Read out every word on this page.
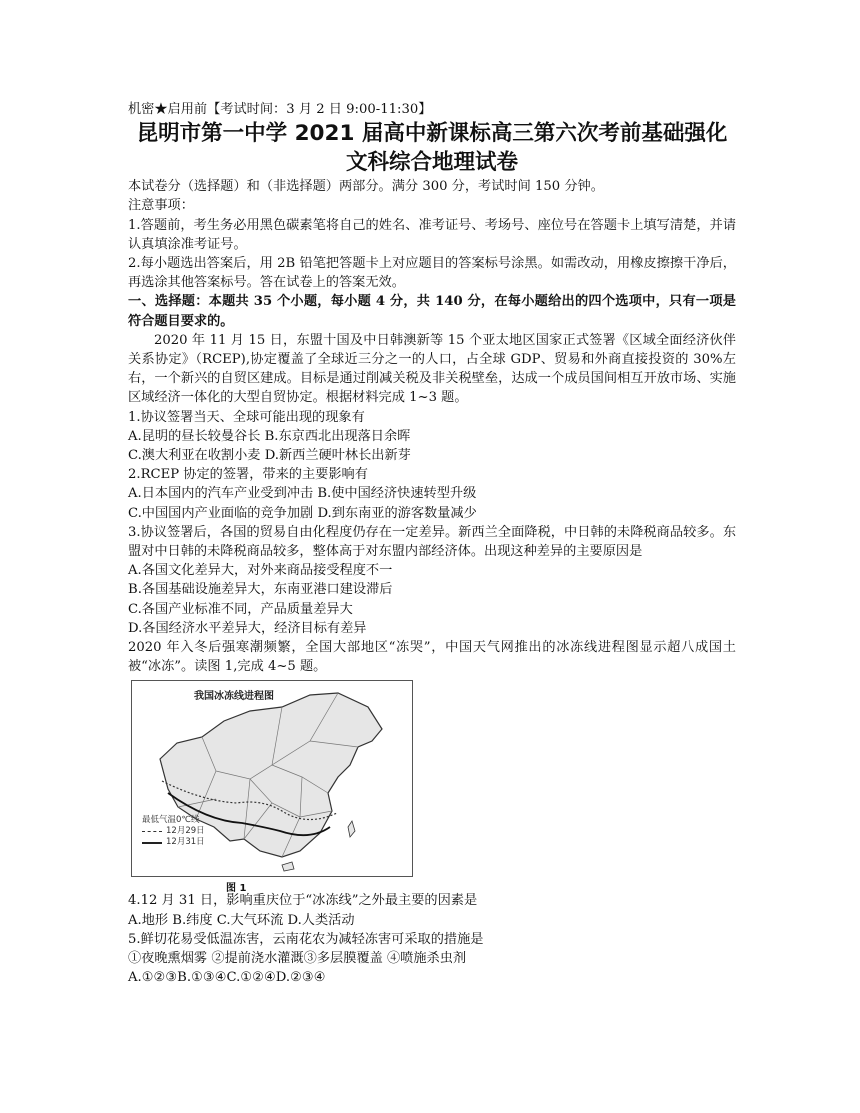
机密★启用前【考试时间：3 月 2 日 9:00-11:30】
昆明市第一中学 2021 届高中新课标高三第六次考前基础强化
文科综合地理试卷
本试卷分（选择题）和（非选择题）两部分。满分 300 分，考试时间 150 分钟。
注意事项：
1.答题前，考生务必用黑色碳素笔将自己的姓名、准考证号、考场号、座位号在答题卡上填写清楚，并请认真填涂准考证号。
2.每小题选出答案后，用 2B 铅笔把答题卡上对应题目的答案标号涂黑。如需改动，用橡皮擦擦干净后，再选涂其他答案标号。答在试卷上的答案无效。
一、选择题：本题共 35 个小题，每小题 4 分，共 140 分，在每小题给出的四个选项中，只有一项是符合题目要求的。
2020 年 11 月 15 日，东盟十国及中日韩澳新等 15 个亚太地区国家正式签署《区域全面经济伙伴关系协定》（RCEP),协定覆盖了全球近三分之一的人口，占全球 GDP、贸易和外商直接投资的 30%左右，一个新兴的自贸区建成。目标是通过削减关税及非关税壁垒，达成一个成员国间相互开放市场、实施区域经济一体化的大型自贸协定。根据材料完成 1~3 题。
1.协议签署当天、全球可能出现的现象有
A.昆明的昼长较曼谷长 B.东京西北出现落日余晖
C.澳大利亚在收割小麦 D.新西兰硬叶林长出新芽
2.RCEP 协定的签署，带来的主要影响有
A.日本国内的汽车产业受到冲击 B.使中国经济快速转型升级
C.中国国内产业面临的竞争加剧 D.到东南亚的游客数量减少
3.协议签署后，各国的贸易自由化程度仍存在一定差异。新西兰全面降税，中日韩的未降税商品较多。东盟对中日韩的未降税商品较多，整体高于对东盟内部经济体。出现这种差异的主要原因是
A.各国文化差异大，对外来商品接受程度不一
B.各国基础设施差异大，东南亚港口建设滞后
C.各国产业标准不同，产品质量差异大
D.各国经济水平差异大，经济目标有差异
2020 年入冬后强寒潮频繁，全国大部地区“冻哭”，中国天气网推出的冰冻线进程图显示超八成国土被“冰冻”。读图 1,完成 4~5 题。
我国冰冻线进程图
最低气温0℃线
12月29日
12月31日
图 1
4.12 月 31 日，影响重庆位于“冰冻线”之外最主要的因素是
A.地形 B.纬度 C.大气环流 D.人类活动
5.鲜切花易受低温冻害，云南花农为减轻冻害可采取的措施是
①夜晚熏烟雾 ②提前浇水灌溉③多层膜覆盖 ④喷施杀虫剂
A.①②③B.①③④C.①②④D.②③④
